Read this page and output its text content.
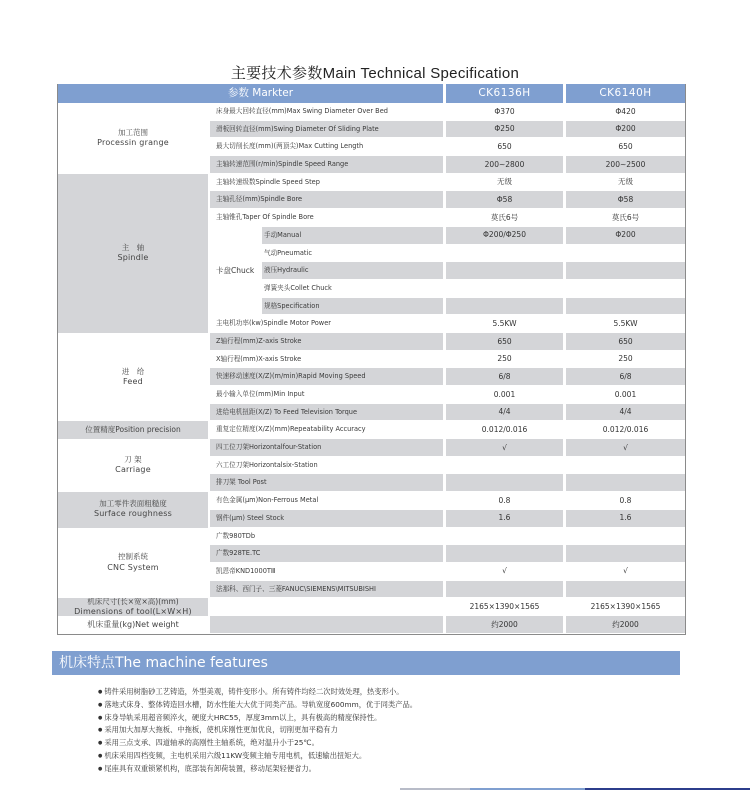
主要技术参数Main Technical Specification
参数 Markter			CK6136H	CK6140H
加工范围
Processin grange	床身最大回转直径(mm)Max Swing Diameter Over Bed		Φ370	Φ420
	滑板回转直径(mm)Swing Diameter Of Sliding Plate		Φ250	Φ200
	最大切削长度(mm)(两顶尖)Max Cutting Length		650	650
	主轴转速范围(r/min)Spindle Speed Range		200~2800	200~2500
主　轴
Spindle	主轴转速级数Spindle Speed Step		无级	无级
	主轴孔径(mm)Spindle Bore		Φ58	Φ58
	主轴锥孔Taper Of Spindle Bore		莫氏6号	莫氏6号
	卡盘Chuck	手动Manual	Φ200/Φ250	Φ200
		气动Pneumatic		
		液压Hydraulic		
		弹簧夹头Collet Chuck		
		规格Specification		
	主电机功率(kw)Spindle Motor Power		5.5KW	5.5KW
进　给
Feed	Z轴行程(mm)Z-axis Stroke		650	650
	X轴行程(mm)X-axis Stroke		250	250
	快速移动速度(X/Z)(m/min)Rapid Moving Speed		6/8	6/8
	最小输入单位(mm)Min Input		0.001	0.001
	进给电机扭距(X/Z) To Feed Television Torque		4/4	4/4
位置精度Position precision	重复定位精度(X/Z)(mm)Repeatability Accuracy		0.012/0.016	0.012/0.016
刀 架
Carriage	四工位刀架Horizontalfour-Station		√	√
	六工位刀架Horizontalsix-Station			
	排刀架 Tool Post			
加工零件表面粗糙度
Surface roughness	有色金属(μm)Non-Ferrous Metal		0.8	0.8
	钢件(μm) Steel Stock		1.6	1.6
控制系统
CNC System	广数980TDb			
	广数928TE.TC			
	凯恩帝KND1000TⅢ		√	√
	法那科、西门子、三菱FANUC\SIEMENS\MITSUBISHI			
机床尺寸(长×宽×高)(mm)
Dimensions of tool(L×W×H)			2165×1390×1565	2165×1390×1565
机床重量(kg)Net weight			约2000	约2000
机床特点The machine features
● 铸件采用树脂砂工艺铸造，外型美观，铸件变形小。所有铸件均经二次时效处理，热变形小。
● 落地式床身、整体铸造回水槽，防水性能大大优于同类产品。导轨宽度600mm，优于同类产品。
● 床身导轨采用超音频淬火，硬度大HRC55，厚度3mm以上，具有极高的精度保持性。
● 采用加大加厚大拖板、中拖板，使机床刚性更加优良，切削更加平稳有力
● 采用三点支承、四道轴承的高刚性主轴系统，绝对温升小于25℃。
● 机床采用四档变频，主电机采用六级11KW变频主轴专用电机，低速输出扭矩大。
● 尾座具有双重锁紧机构，底部装有卸荷装置，移动尾架轻便省力。
